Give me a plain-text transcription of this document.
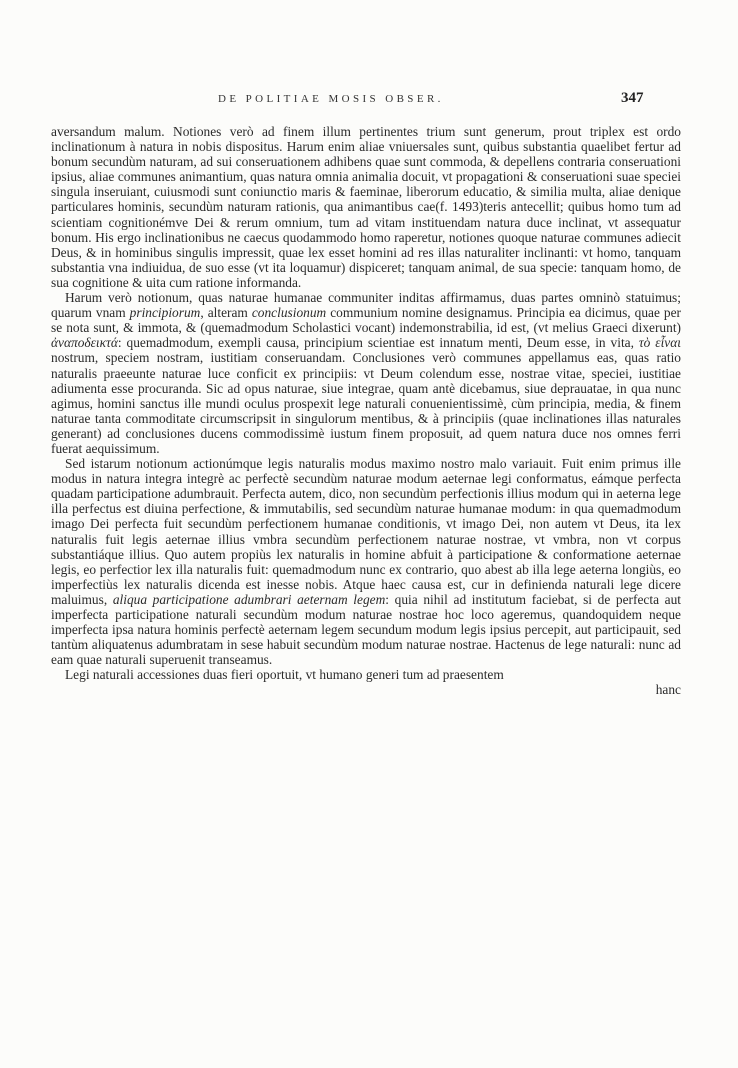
DE POLITIAE MOSIS OBSER.	347

aversandum malum. Notiones verò ad finem illum pertinentes trium sunt generum, prout triplex est ordo inclinationum à natura in nobis dispositus. Harum enim aliae vniuersales sunt, quibus substantia quaelibet fertur ad bonum secundùm naturam, ad sui conseruationem adhibens quae sunt commoda, & depellens contraria conseruationi ipsius, aliae communes animantium, quas natura omnia animalia docuit, vt propagationi & conseruationi suae speciei singula inseruiant, cuiusmodi sunt coniunctio maris & faeminae, liberorum educatio, & similia multa, aliae denique particulares hominis, secundùm naturam rationis, qua animantibus cae(f. 1493)teris antecellit; quibus homo tum ad scientiam cognitionémve Dei & rerum omnium, tum ad vitam instituendam natura duce inclinat, vt assequatur bonum. His ergo inclinationibus ne caecus quodammodo homo raperetur, notiones quoque naturae communes adiecit Deus, & in hominibus singulis impressit, quae lex esset homini ad res illas naturaliter inclinanti: vt homo, tanquam substantia vna indiuidua, de suo esse (vt ita loquamur) dispiceret; tanquam animal, de sua specie: tanquam homo, de sua cognitione & uita cum ratione informanda.

Harum verò notionum, quas naturae humanae communiter inditas affirmamus, duas partes omninò statuimus; quarum vnam principiorum, alteram conclusionum communium nomine designamus. Principia ea dicimus, quae per se nota sunt, & immota, & (quemadmodum Scholastici vocant) indemonstrabilia, id est, (vt melius Graeci dixerunt) ἀναποδεικτά: quemadmodum, exempli causa, principium scientiae est innatum menti, Deum esse, in vita, τὸ εἶναι nostrum, speciem nostram, iustitiam conseruandam. Conclusiones verò communes appellamus eas, quas ratio naturalis praeeunte naturae luce conficit ex principiis: vt Deum colendum esse, nostrae vitae, speciei, iustitiae adiumenta esse procuranda. Sic ad opus naturae, siue integrae, quam antè dicebamus, siue deprauatae, in qua nunc agimus, homini sanctus ille mundi oculus prospexit lege naturali conuenientissimè, cùm principia, media, & finem naturae tanta commoditate circumscripsit in singulorum mentibus, & à principiis (quae inclinationes illas naturales generant) ad conclusiones ducens commodissimè iustum finem proposuit, ad quem natura duce nos omnes ferri fuerat aequissimum.

Sed istarum notionum actionúmque legis naturalis modus maximo nostro malo variauit. Fuit enim primus ille modus in natura integra integrè ac perfectè secundùm naturae modum aeternae legi conformatus, eámque perfecta quadam participatione adumbrauit. Perfecta autem, dico, non secundùm perfectionis illius modum qui in aeterna lege illa perfectus est diuina perfectione, & immutabilis, sed secundùm naturae humanae modum: in qua quemadmodum imago Dei perfecta fuit secundùm perfectionem humanae conditionis, vt imago Dei, non autem vt Deus, ita lex naturalis fuit legis aeternae illius vmbra secundùm perfectionem naturae nostrae, vt vmbra, non vt corpus substantiáque illius. Quo autem propiùs lex naturalis in homine abfuit à participatione & conformatione aeternae legis, eo perfectior lex illa naturalis fuit: quemadmodum nunc ex contrario, quo abest ab illa lege aeterna longiùs, eo imperfectiùs lex naturalis dicenda est inesse nobis. Atque haec causa est, cur in definienda naturali lege dicere maluimus, aliqua participatione adumbrari aeternam legem: quia nihil ad institutum faciebat, si de perfecta aut imperfecta participatione naturali secundùm modum naturae nostrae hoc loco ageremus, quandoquidem neque imperfecta ipsa natura hominis perfectè aeternam legem secundum modum legis ipsius percepit, aut participauit, sed tantùm aliquatenus adumbratam in sese habuit secundùm modum naturae nostrae. Hactenus de lege naturali: nunc ad eam quae naturali superuenit transeamus.

Legi naturali accessiones duas fieri oportuit, vt humano generi tum ad praesentem

hanc
